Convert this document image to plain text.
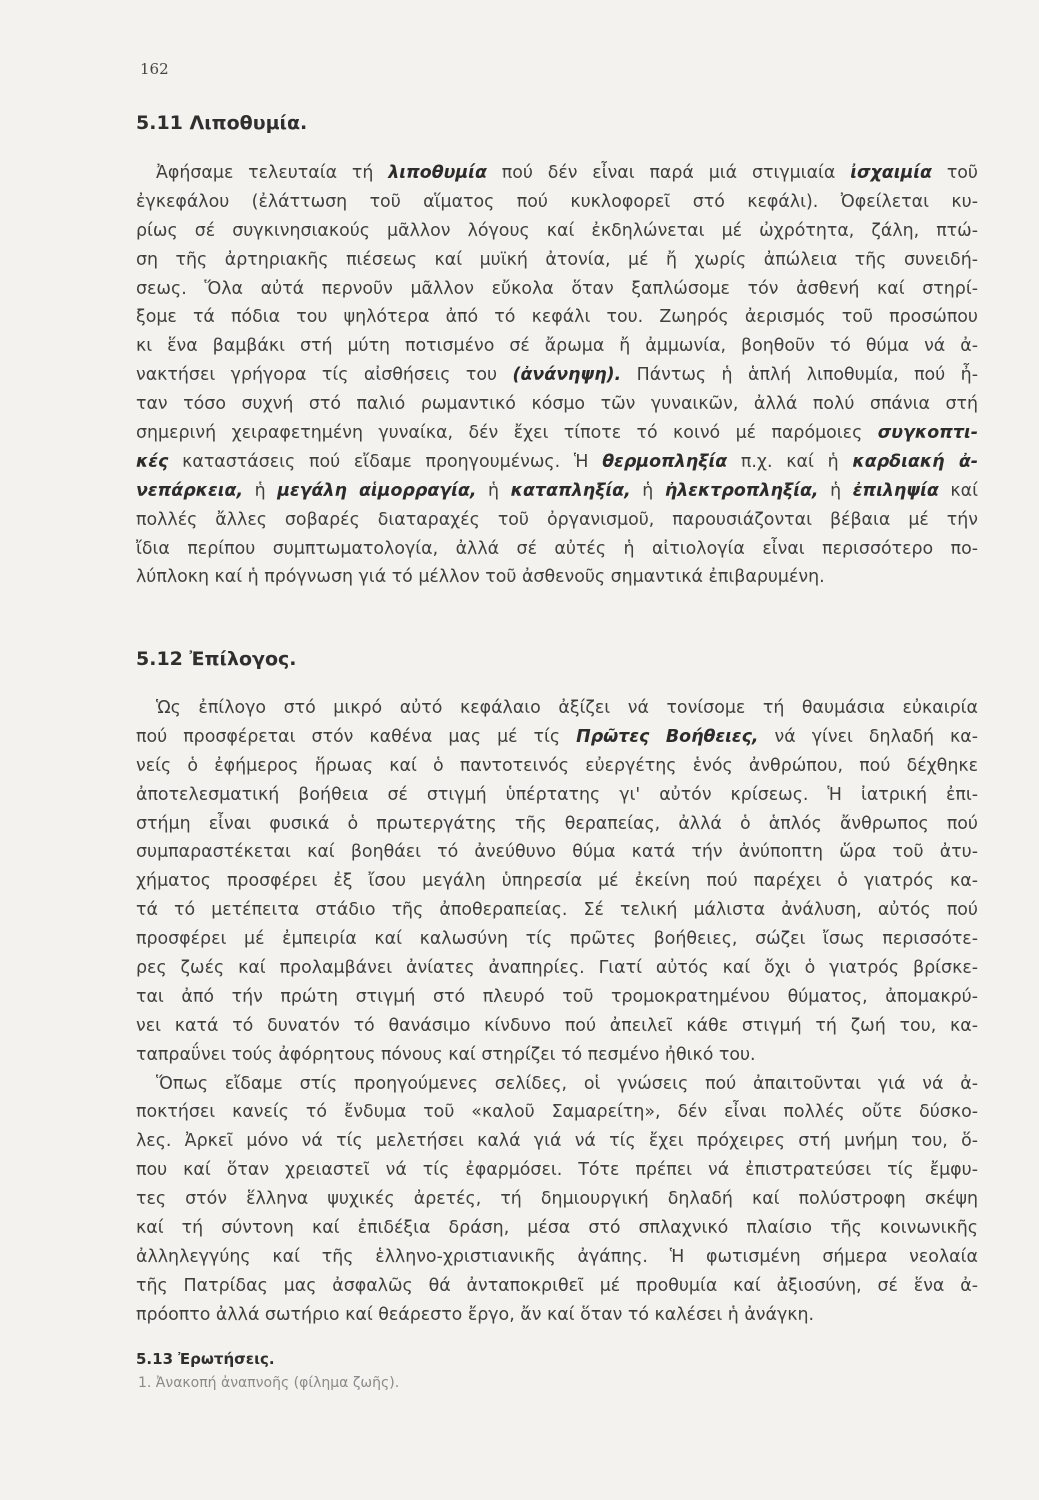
162
5.11 Λιποθυμία.
Ἀφήσαμε τελευταία τή λιποθυμία πού δέν εἶναι παρά μιά στιγμιαία ἰσχαιμία τοῦ
ἐγκεφάλου (ἐλάττωση τοῦ αἵματος πού κυκλοφορεῖ στό κεφάλι). Ὀφείλεται κυ-
ρίως σέ συγκινησιακούς μᾶλλον λόγους καί ἐκδηλώνεται μέ ὠχρότητα, ζάλη, πτώ-
ση τῆς ἀρτηριακῆς πιέσεως καί μυϊκή ἀτονία, μέ ἤ χωρίς ἀπώλεια τῆς συνειδή-
σεως. Ὅλα αὐτά περνοῦν μᾶλλον εὔκολα ὅταν ξαπλώσομε τόν ἀσθενή καί στηρί-
ξομε τά πόδια του ψηλότερα ἀπό τό κεφάλι του. Ζωηρός ἀερισμός τοῦ προσώπου
κι ἕνα βαμβάκι στή μύτη ποτισμένο σέ ἄρωμα ἤ ἀμμωνία, βοηθοῦν τό θύμα νά ἀ-
νακτήσει γρήγορα τίς αἰσθήσεις του (ἀνάνηψη). Πάντως ἡ ἁπλή λιποθυμία, πού ἦ-
ταν τόσο συχνή στό παλιό ρωμαντικό κόσμο τῶν γυναικῶν, ἀλλά πολύ σπάνια στή
σημερινή χειραφετημένη γυναίκα, δέν ἔχει τίποτε τό κοινό μέ παρόμοιες συγκοπτι-
κές καταστάσεις πού εἴδαμε προηγουμένως. Ἡ θερμοπληξία π.χ. καί ἡ καρδιακή ἀ-
νεπάρκεια, ἡ μεγάλη αἱμορραγία, ἡ καταπληξία, ἡ ἠλεκτροπληξία, ἡ ἐπιληψία καί
πολλές ἄλλες σοβαρές διαταραχές τοῦ ὀργανισμοῦ, παρουσιάζονται βέβαια μέ τήν
ἴδια περίπου συμπτωματολογία, ἀλλά σέ αὐτές ἡ αἰτιολογία εἶναι περισσότερο πο-
λύπλοκη καί ἡ πρόγνωση γιά τό μέλλον τοῦ ἀσθενοῦς σημαντικά ἐπιβαρυμένη.
5.12 Ἐπίλογος.
Ὡς ἐπίλογο στό μικρό αὐτό κεφάλαιο ἀξίζει νά τονίσομε τή θαυμάσια εὐκαιρία
πού προσφέρεται στόν καθένα μας μέ τίς Πρῶτες Βοήθειες, νά γίνει δηλαδή κα-
νείς ὁ ἐφήμερος ἥρωας καί ὁ παντοτεινός εὐεργέτης ἑνός ἀνθρώπου, πού δέχθηκε
ἀποτελεσματική βοήθεια σέ στιγμή ὑπέρτατης γι' αὐτόν κρίσεως. Ἡ ἰατρική ἐπι-
στήμη εἶναι φυσικά ὁ πρωτεργάτης τῆς θεραπείας, ἀλλά ὁ ἁπλός ἄνθρωπος πού
συμπαραστέκεται καί βοηθάει τό ἀνεύθυνο θύμα κατά τήν ἀνύποπτη ὥρα τοῦ ἀτυ-
χήματος προσφέρει ἐξ ἴσου μεγάλη ὑπηρεσία μέ ἐκείνη πού παρέχει ὁ γιατρός κα-
τά τό μετέπειτα στάδιο τῆς ἀποθεραπείας. Σέ τελική μάλιστα ἀνάλυση, αὐτός πού
προσφέρει μέ ἐμπειρία καί καλωσύνη τίς πρῶτες βοήθειες, σώζει ἴσως περισσότε-
ρες ζωές καί προλαμβάνει ἀνίατες ἀναπηρίες. Γιατί αὐτός καί ὄχι ὁ γιατρός βρίσκε-
ται ἀπό τήν πρώτη στιγμή στό πλευρό τοῦ τρομοκρατημένου θύματος, ἀπομακρύ-
νει κατά τό δυνατόν τό θανάσιμο κίνδυνο πού ἀπειλεῖ κάθε στιγμή τή ζωή του, κα-
ταπραΰνει τούς ἀφόρητους πόνους καί στηρίζει τό πεσμένο ἠθικό του.
Ὅπως εἴδαμε στίς προηγούμενες σελίδες, οἱ γνώσεις πού ἀπαιτοῦνται γιά νά ἀ-
ποκτήσει κανείς τό ἔνδυμα τοῦ «καλοῦ Σαμαρείτη», δέν εἶναι πολλές οὔτε δύσκο-
λες. Ἀρκεῖ μόνο νά τίς μελετήσει καλά γιά νά τίς ἔχει πρόχειρες στή μνήμη του, ὅ-
που καί ὅταν χρειαστεῖ νά τίς ἐφαρμόσει. Τότε πρέπει νά ἐπιστρατεύσει τίς ἔμφυ-
τες στόν ἕλληνα ψυχικές ἀρετές, τή δημιουργική δηλαδή καί πολύστροφη σκέψη
καί τή σύντονη καί ἐπιδέξια δράση, μέσα στό σπλαχνικό πλαίσιο τῆς κοινωνικῆς
ἀλληλεγγύης καί τῆς ἑλληνο-χριστιανικῆς ἀγάπης. Ἡ φωτισμένη σήμερα νεολαία
τῆς Πατρίδας μας ἀσφαλῶς θά ἀνταποκριθεῖ μέ προθυμία καί ἀξιοσύνη, σέ ἕνα ἀ-
πρόοπτο ἀλλά σωτήριο καί θεάρεστο ἔργο, ἄν καί ὅταν τό καλέσει ἡ ἀνάγκη.
5.13 Ἐρωτήσεις.
1. Ἀνακοπή ἀναπνοῆς (φίλημα ζωῆς).
